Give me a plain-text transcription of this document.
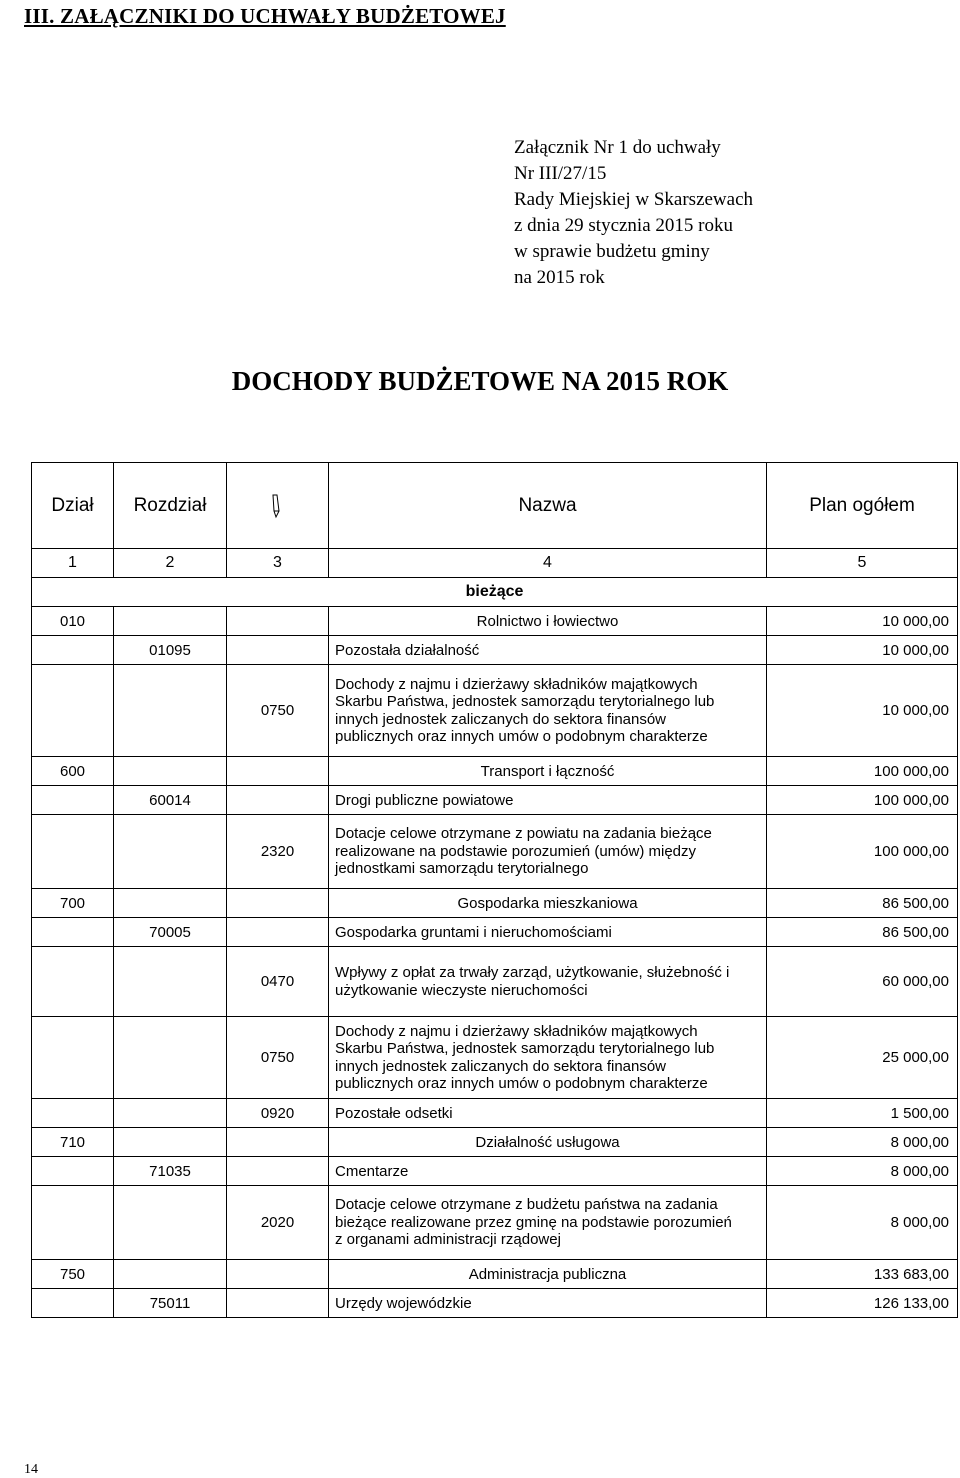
III. ZAŁĄCZNIKI DO UCHWAŁY BUDŻETOWEJ
Załącznik Nr 1 do uchwały
Nr III/27/15
Rady Miejskiej w Skarszewach
z dnia 29 stycznia 2015 roku
w sprawie budżetu gminy
na 2015 rok
DOCHODY BUDŻETOWE NA 2015 ROK
Dział	Rozdział		Nazwa	Plan ogółem
1	2	3	4	5
bieżące				
010			Rolnictwo i łowiectwo	10 000,00
	01095		Pozostała działalność	10 000,00
		0750	Dochody z najmu i dzierżawy składników majątkowych Skarbu Państwa, jednostek samorządu terytorialnego lub innych jednostek zaliczanych do sektora finansów publicznych oraz innych umów o podobnym charakterze	10 000,00
600			Transport i łączność	100 000,00
	60014		Drogi publiczne powiatowe	100 000,00
		2320	Dotacje celowe otrzymane z powiatu na zadania bieżące realizowane na podstawie porozumień (umów) między jednostkami samorządu terytorialnego	100 000,00
700			Gospodarka mieszkaniowa	86 500,00
	70005		Gospodarka gruntami i nieruchomościami	86 500,00
		0470	Wpływy z opłat za trwały zarząd, użytkowanie, służebność i użytkowanie wieczyste nieruchomości	60 000,00
		0750	Dochody z najmu i dzierżawy składników majątkowych Skarbu Państwa, jednostek samorządu terytorialnego lub innych jednostek zaliczanych do sektora finansów publicznych oraz innych umów o podobnym charakterze	25 000,00
		0920	Pozostałe odsetki	1 500,00
710			Działalność usługowa	8 000,00
	71035		Cmentarze	8 000,00
		2020	Dotacje celowe otrzymane z budżetu państwa na zadania bieżące realizowane przez gminę na podstawie porozumień z organami administracji rządowej	8 000,00
750			Administracja publiczna	133 683,00
	75011		Urzędy wojewódzkie	126 133,00
14
